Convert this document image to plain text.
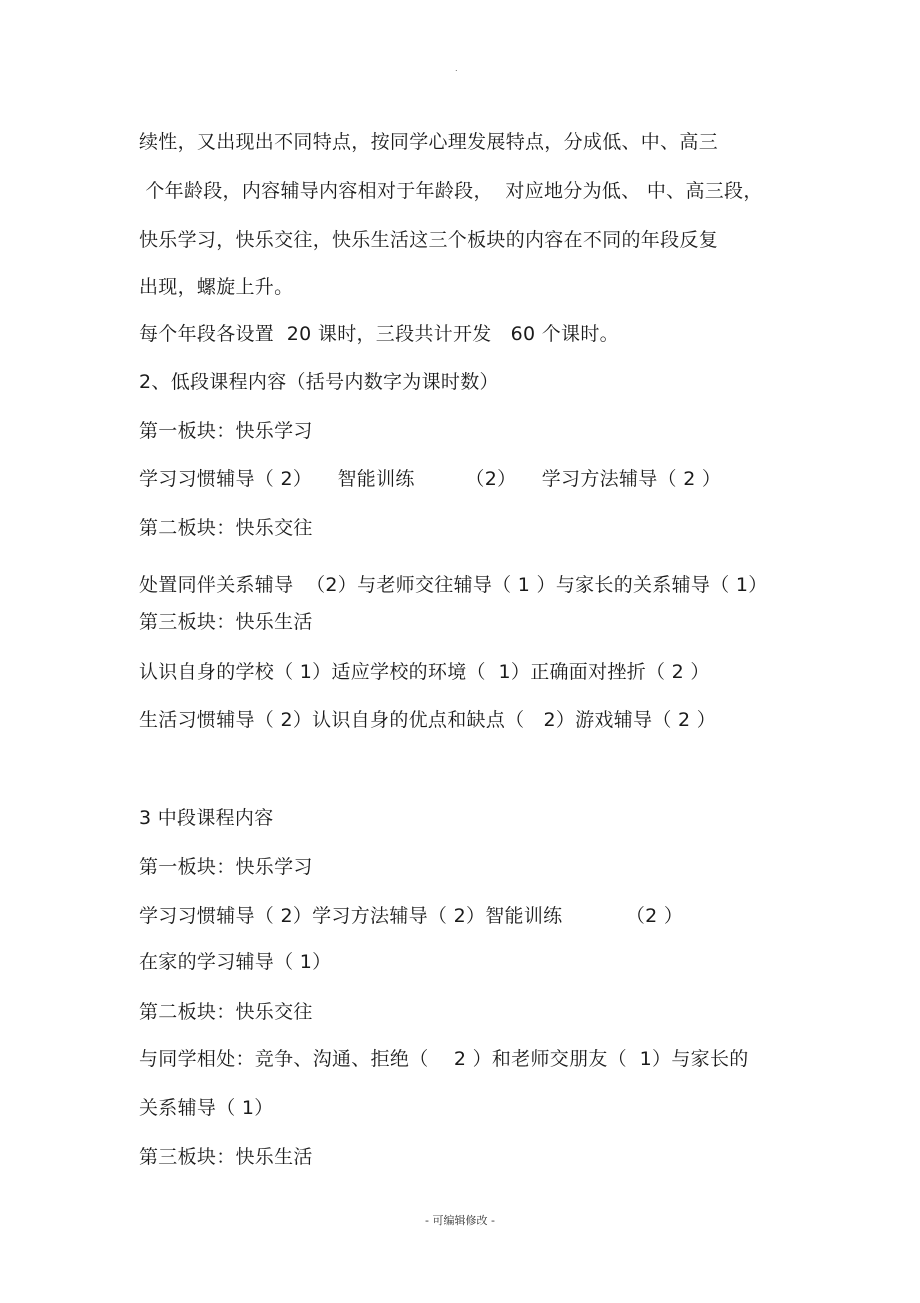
.
续性，又出现出不同特点，按同学心理发展特点，分成低、中、高三
个年龄段，内容辅导内容相对于年龄段，  对应地分为低、 中、高三段，
快乐学习，快乐交往，快乐生活这三个板块的内容在不同的年段反复
出现，螺旋上升。
每个年段各设置  20 课时，三段共计开发   60 个课时。
2、低段课程内容（括号内数字为课时数）
第一板块：快乐学习
学习习惯辅导（ 2）    智能训练        （2）    学习方法辅导（ 2 ）
第二板块：快乐交往
处置同伴关系辅导  （2）与老师交往辅导（ 1 ）与家长的关系辅导（ 1）
第三板块：快乐生活
认识自身的学校（ 1）适应学校的环境（  1）正确面对挫折（ 2 ）
生活习惯辅导（ 2）认识自身的优点和缺点（   2）游戏辅导（ 2 ）
3 中段课程内容
第一板块：快乐学习
学习习惯辅导（ 2）学习方法辅导（ 2）智能训练          （2 ）
在家的学习辅导（ 1）
第二板块：快乐交往
与同学相处：竞争、沟通、拒绝（    2 ）和老师交朋友（  1）与家长的
关系辅导（ 1）
第三板块：快乐生活
- 可编辑修改 -
